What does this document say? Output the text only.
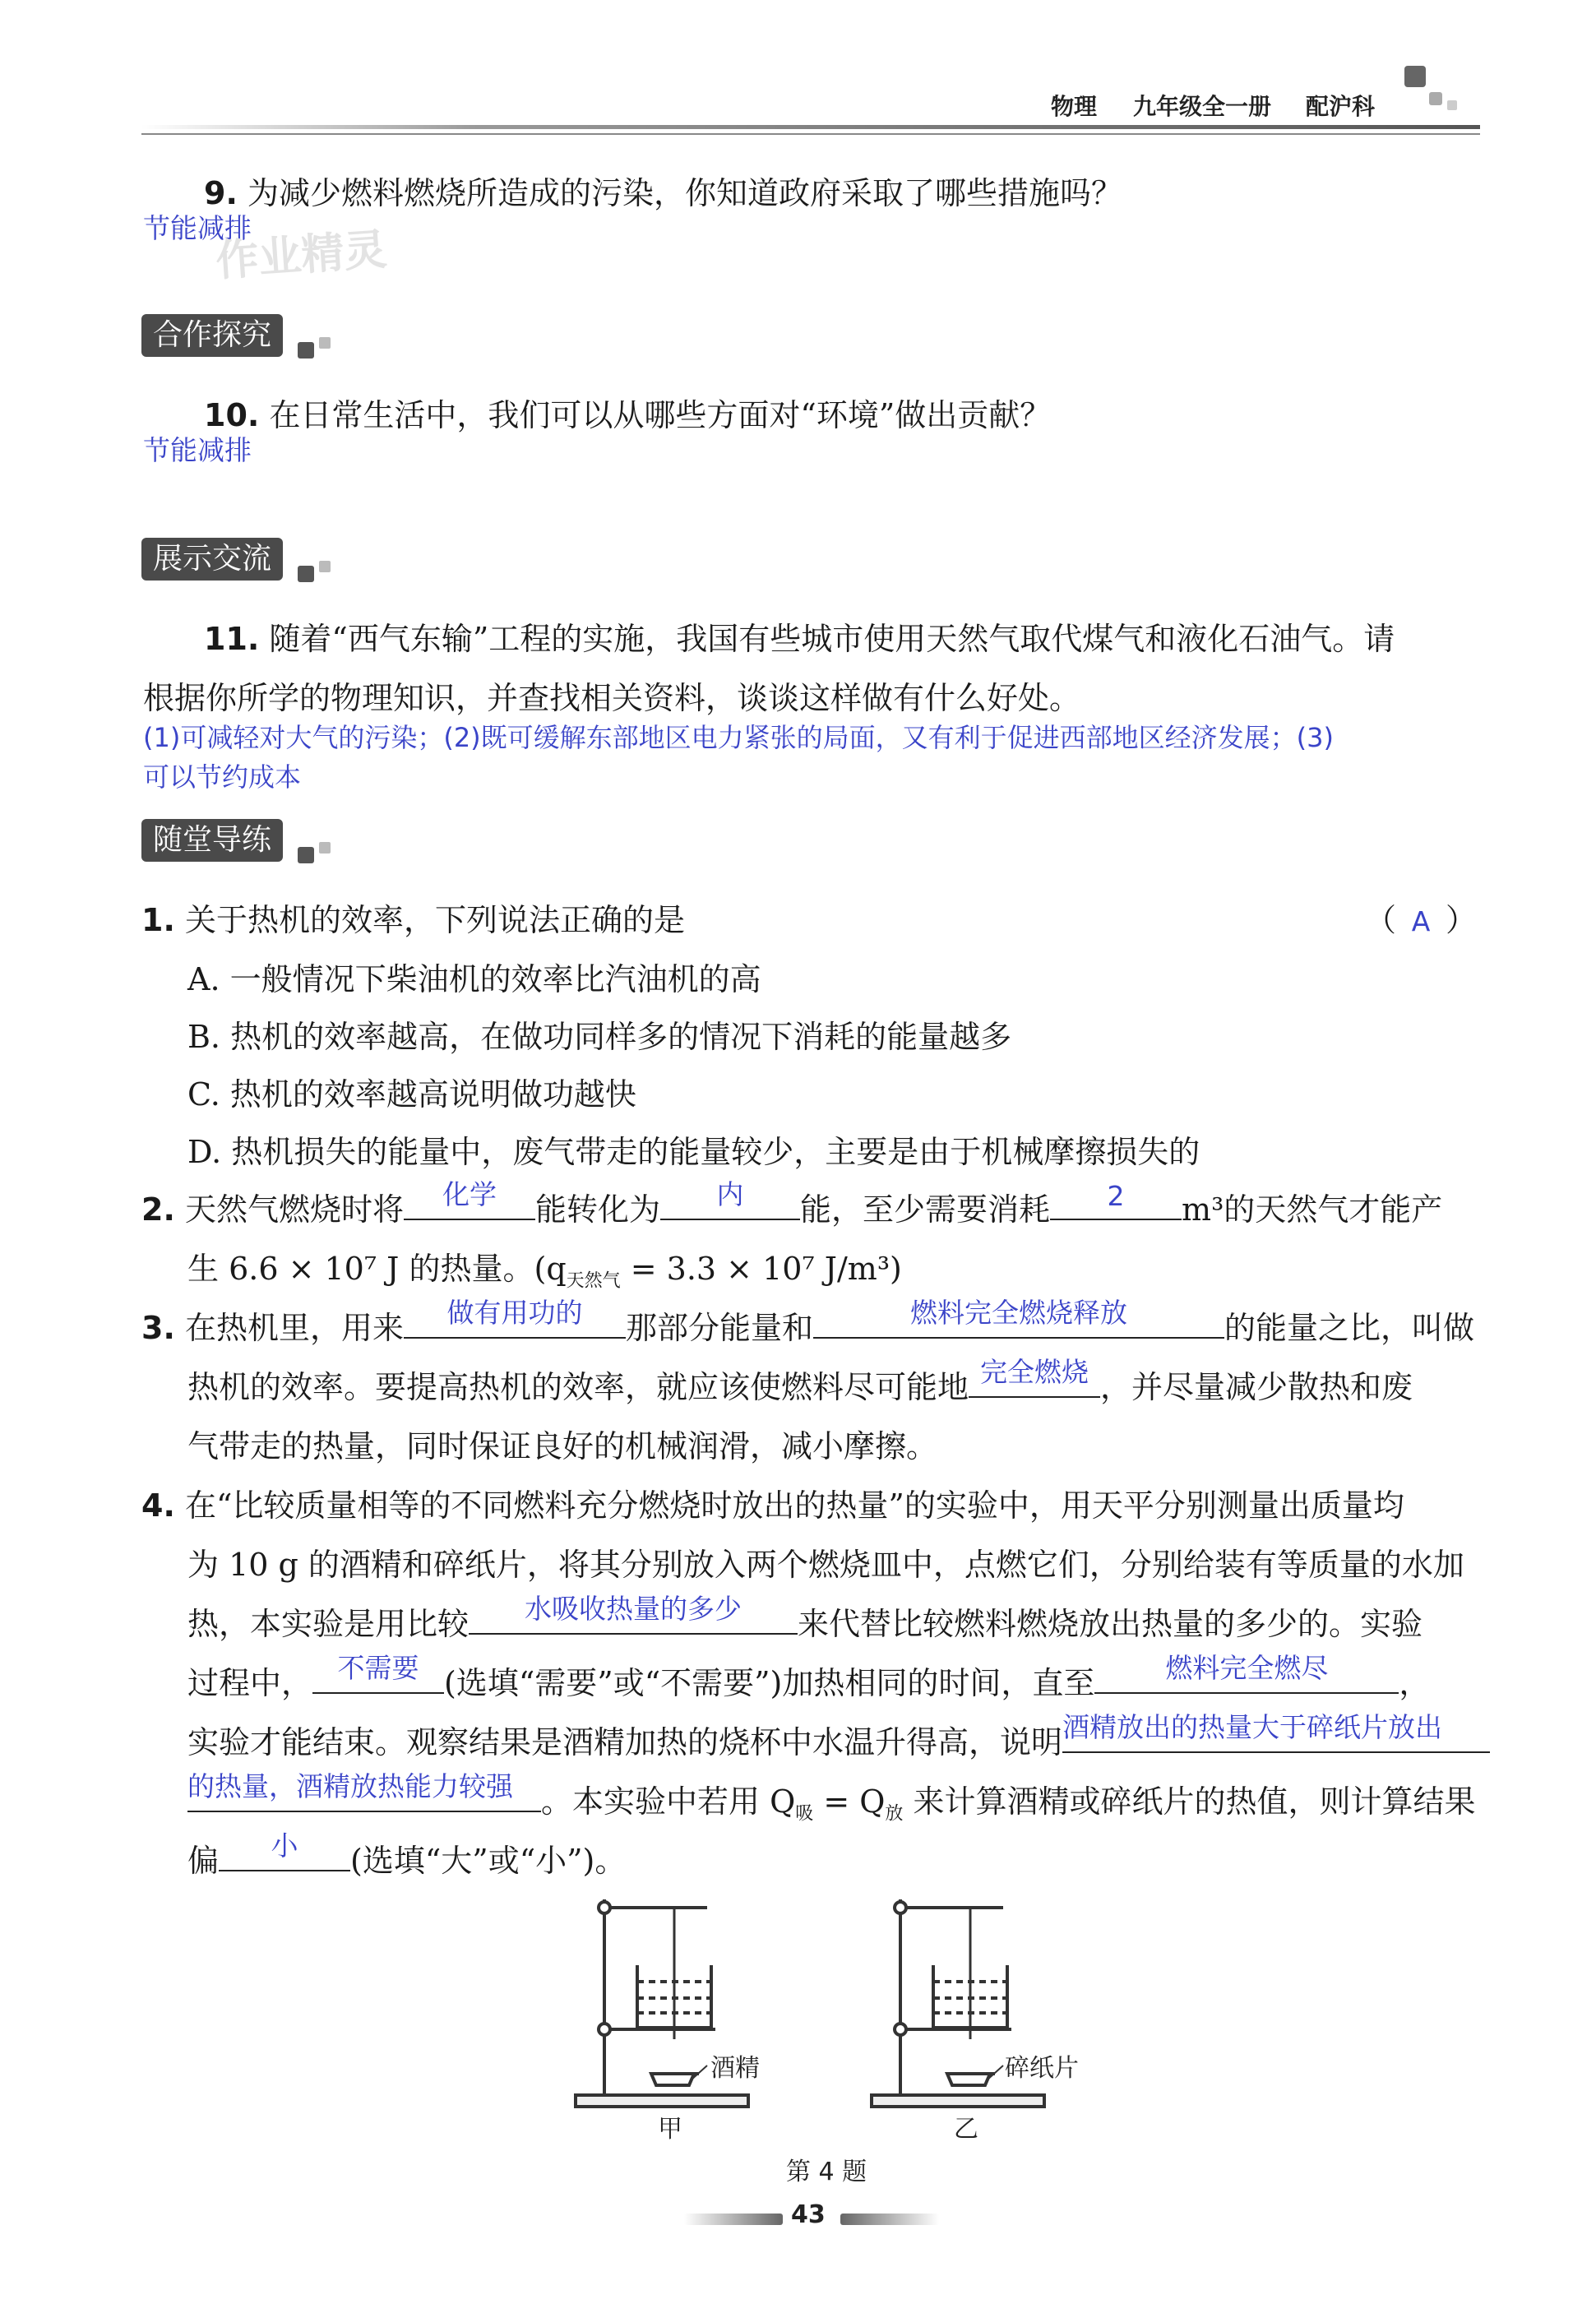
物理 九年级全一册 配沪科
9. 为减少燃料燃烧所造成的污染，你知道政府采取了哪些措施吗？
节能减排
作业精灵
合作探究
10. 在日常生活中，我们可以从哪些方面对“环境”做出贡献？
节能减排
展示交流
11. 随着“西气东输”工程的实施，我国有些城市使用天然气取代煤气和液化石油气。请
根据你所学的物理知识，并查找相关资料，谈谈这样做有什么好处。
(1)可减轻对大气的污染；(2)既可缓解东部地区电力紧张的局面，又有利于促进西部地区经济发展；(3)
可以节约成本
随堂导练
1. 关于热机的效率，下列说法正确的是	（ A ）
A. 一般情况下柴油机的效率比汽油机的高
B. 热机的效率越高，在做功同样多的情况下消耗的能量越多
C. 热机的效率越高说明做功越快
D. 热机损失的能量中，废气带走的能量较少，主要是由于机械摩擦损失的
2. 天然气燃烧时将	化学	能转化为	内	能，至少需要消耗	2	m³的天然气才能产
生 6.6 × 10⁷ J 的热量。($q_{天然气} = 3.3 \times 10^7$ J/m³)
3. 在热机里，用来	做有用功的	那部分能量和	燃料完全燃烧释放	的能量之比，叫做
热机的效率。要提高热机的效率，就应该使燃料尽可能地 完全燃烧 ，并尽量减少散热和废
气带走的热量，同时保证良好的机械润滑，减小摩擦。
4. 在“比较质量相等的不同燃料充分燃烧时放出的热量”的实验中，用天平分别测量出质量均
为 10 g 的酒精和碎纸片，将其分别放入两个燃烧皿中，点燃它们，分别给装有等质量的水加
热，本实验是用比较	水吸收热量的多少	来代替比较燃料燃烧放出热量的多少的。实验
过程中， 不需要 (选填“需要”或“不需要”)加热相同的时间，直至	燃料完全燃尽	，
实验才能结束。观察结果是酒精加热的烧杯中水温升得高，说明 酒精放出的热量大于碎纸片放出
的热量，酒精放热能力较强 。本实验中若用 $Q_吸 = Q_放$ 来计算酒精或碎纸片的热值，则计算结果
偏	小	(选填“大”或“小”)。
酒精	碎纸片
甲	乙
第 4 题
43
